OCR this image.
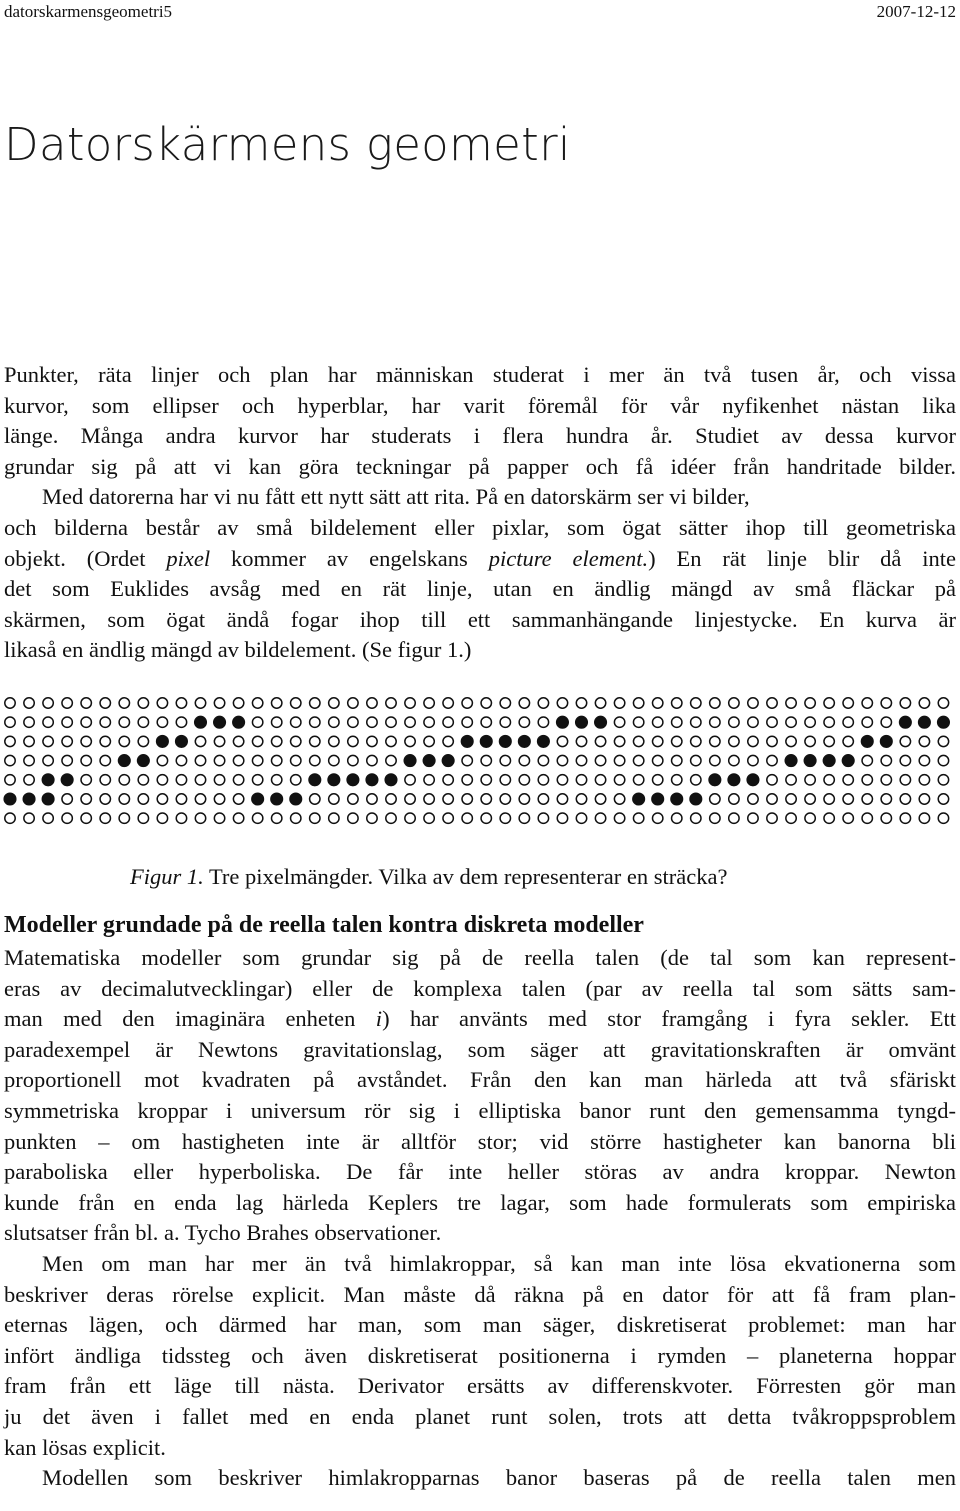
datorskarmensgeometri5	2007-12-12
Datorskärmens geometri
Punkter, räta linjer och plan har människan studerat i mer än två tusen år, och vissa
kurvor, som ellipser och hyperblar, har varit föremål för vår nyfikenhet nästan lika
länge. Många andra kurvor har studerats i flera hundra år. Studiet av dessa kurvor
grundar sig på att vi kan göra teckningar på papper och få idéer från handritade bilder.
Med datorerna har vi nu fått ett nytt sätt att rita. På en datorskärm ser vi bilder,
och bilderna består av små bildelement eller pixlar, som ögat sätter ihop till geometriska
objekt. (Ordet pixel kommer av engelskans picture element.) En rät linje blir då inte
det som Euklides avsåg med en rät linje, utan en ändlig mängd av små fläckar på
skärmen, som ögat ändå fogar ihop till ett sammanhängande linjestycke. En kurva är
likaså en ändlig mängd av bildelement. (Se figur 1.)

Figur 1. Tre pixelmängder. Vilka av dem representerar en sträcka?

Modeller grundade på de reella talen kontra diskreta modeller
Matematiska modeller som grundar sig på de reella talen (de tal som kan represent-
eras av decimalutvecklingar) eller de komplexa talen (par av reella tal som sätts sam-
man med den imaginära enheten i) har använts med stor framgång i fyra sekler. Ett
paradexempel är Newtons gravitationslag, som säger att gravitationskraften är omvänt
proportionell mot kvadraten på avståndet. Från den kan man härleda att två sfäriskt
symmetriska kroppar i universum rör sig i elliptiska banor runt den gemensamma tyngd-
punkten – om hastigheten inte är alltför stor; vid större hastigheter kan banorna bli
paraboliska eller hyperboliska. De får inte heller störas av andra kroppar. Newton
kunde från en enda lag härleda Keplers tre lagar, som hade formulerats som empiriska
slutsatser från bl. a. Tycho Brahes observationer.
Men om man har mer än två himlakroppar, så kan man inte lösa ekvationerna som
beskriver deras rörelse explicit. Man måste då räkna på en dator för att få fram plan-
eternas lägen, och därmed har man, som man säger, diskretiserat problemet: man har
infört ändliga tidssteg och även diskretiserat positionerna i rymden – planeterna hoppar
fram från ett läge till nästa. Derivator ersätts av differenskvoter. Förresten gör man
ju det även i fallet med en enda planet runt solen, trots att detta tvåkroppsproblem
kan lösas explicit.
Modellen som beskriver himlakropparnas banor baseras på de reella talen men
